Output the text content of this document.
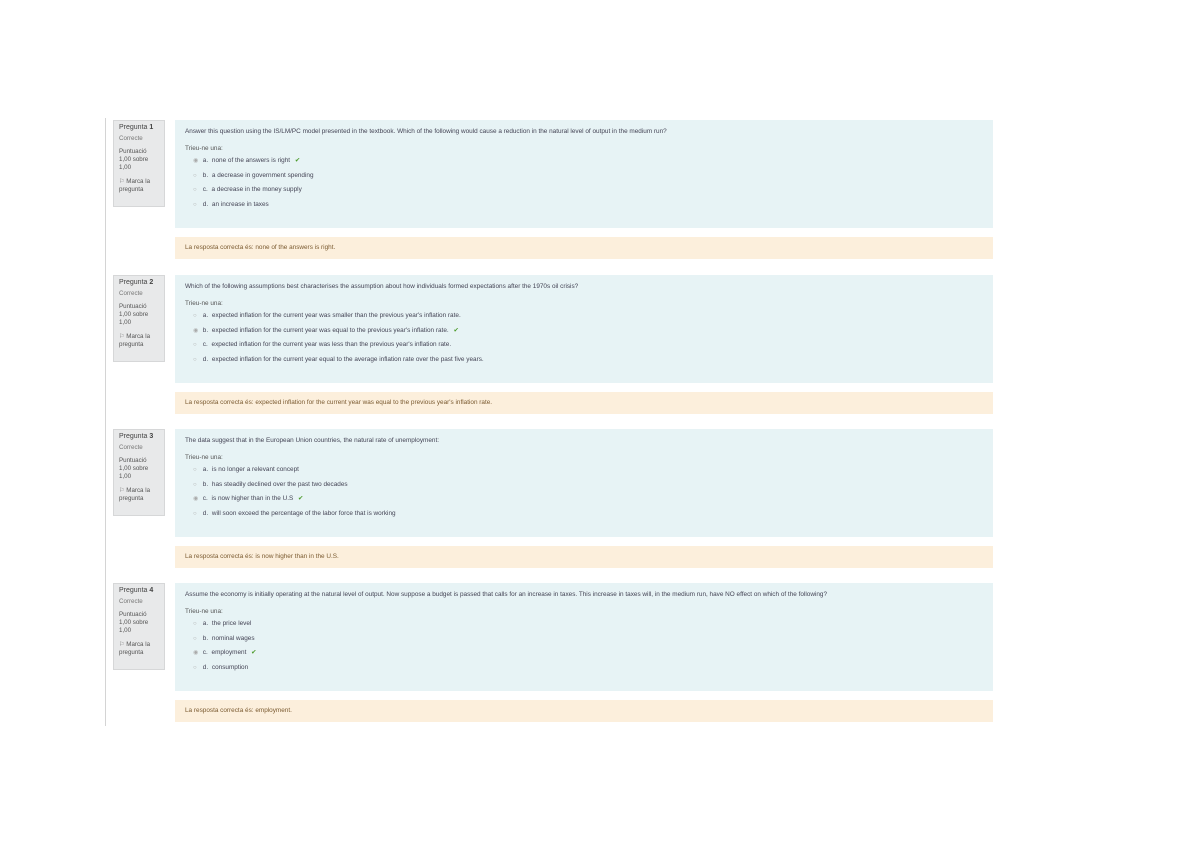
Pregunta 1
Correcte
Puntuació
1,00 sobre 1,00
⚐ Marca la pregunta
Answer this question using the IS/LM/PC model presented in the textbook. Which of the following would cause a reduction in the natural level of output in the medium run?
Trieu-ne una:
◉ a. none of the answers is right ✔
○ b. a decrease in government spending
○ c. a decrease in the money supply
○ d. an increase in taxes
La resposta correcta és: none of the answers is right.
Pregunta 2
Correcte
Puntuació
1,00 sobre 1,00
⚐ Marca la pregunta
Which of the following assumptions best characterises the assumption about how individuals formed expectations after the 1970s oil crisis?
Trieu-ne una:
○ a. expected inflation for the current year was smaller than the previous year's inflation rate.
◉ b. expected inflation for the current year was equal to the previous year's inflation rate. ✔
○ c. expected inflation for the current year was less than the previous year's inflation rate.
○ d. expected inflation for the current year equal to the average inflation rate over the past five years.
La resposta correcta és: expected inflation for the current year was equal to the previous year's inflation rate.
Pregunta 3
Correcte
Puntuació
1,00 sobre 1,00
⚐ Marca la pregunta
The data suggest that in the European Union countries, the natural rate of unemployment:
Trieu-ne una:
○ a. is no longer a relevant concept
○ b. has steadily declined over the past two decades
◉ c. is now higher than in the U.S ✔
○ d. will soon exceed the percentage of the labor force that is working
La resposta correcta és: is now higher than in the U.S.
Pregunta 4
Correcte
Puntuació
1,00 sobre 1,00
⚐ Marca la pregunta
Assume the economy is initially operating at the natural level of output. Now suppose a budget is passed that calls for an increase in taxes. This increase in taxes will, in the medium run, have NO effect on which of the following?
Trieu-ne una:
○ a. the price level
○ b. nominal wages
◉ c. employment ✔
○ d. consumption
La resposta correcta és: employment.
